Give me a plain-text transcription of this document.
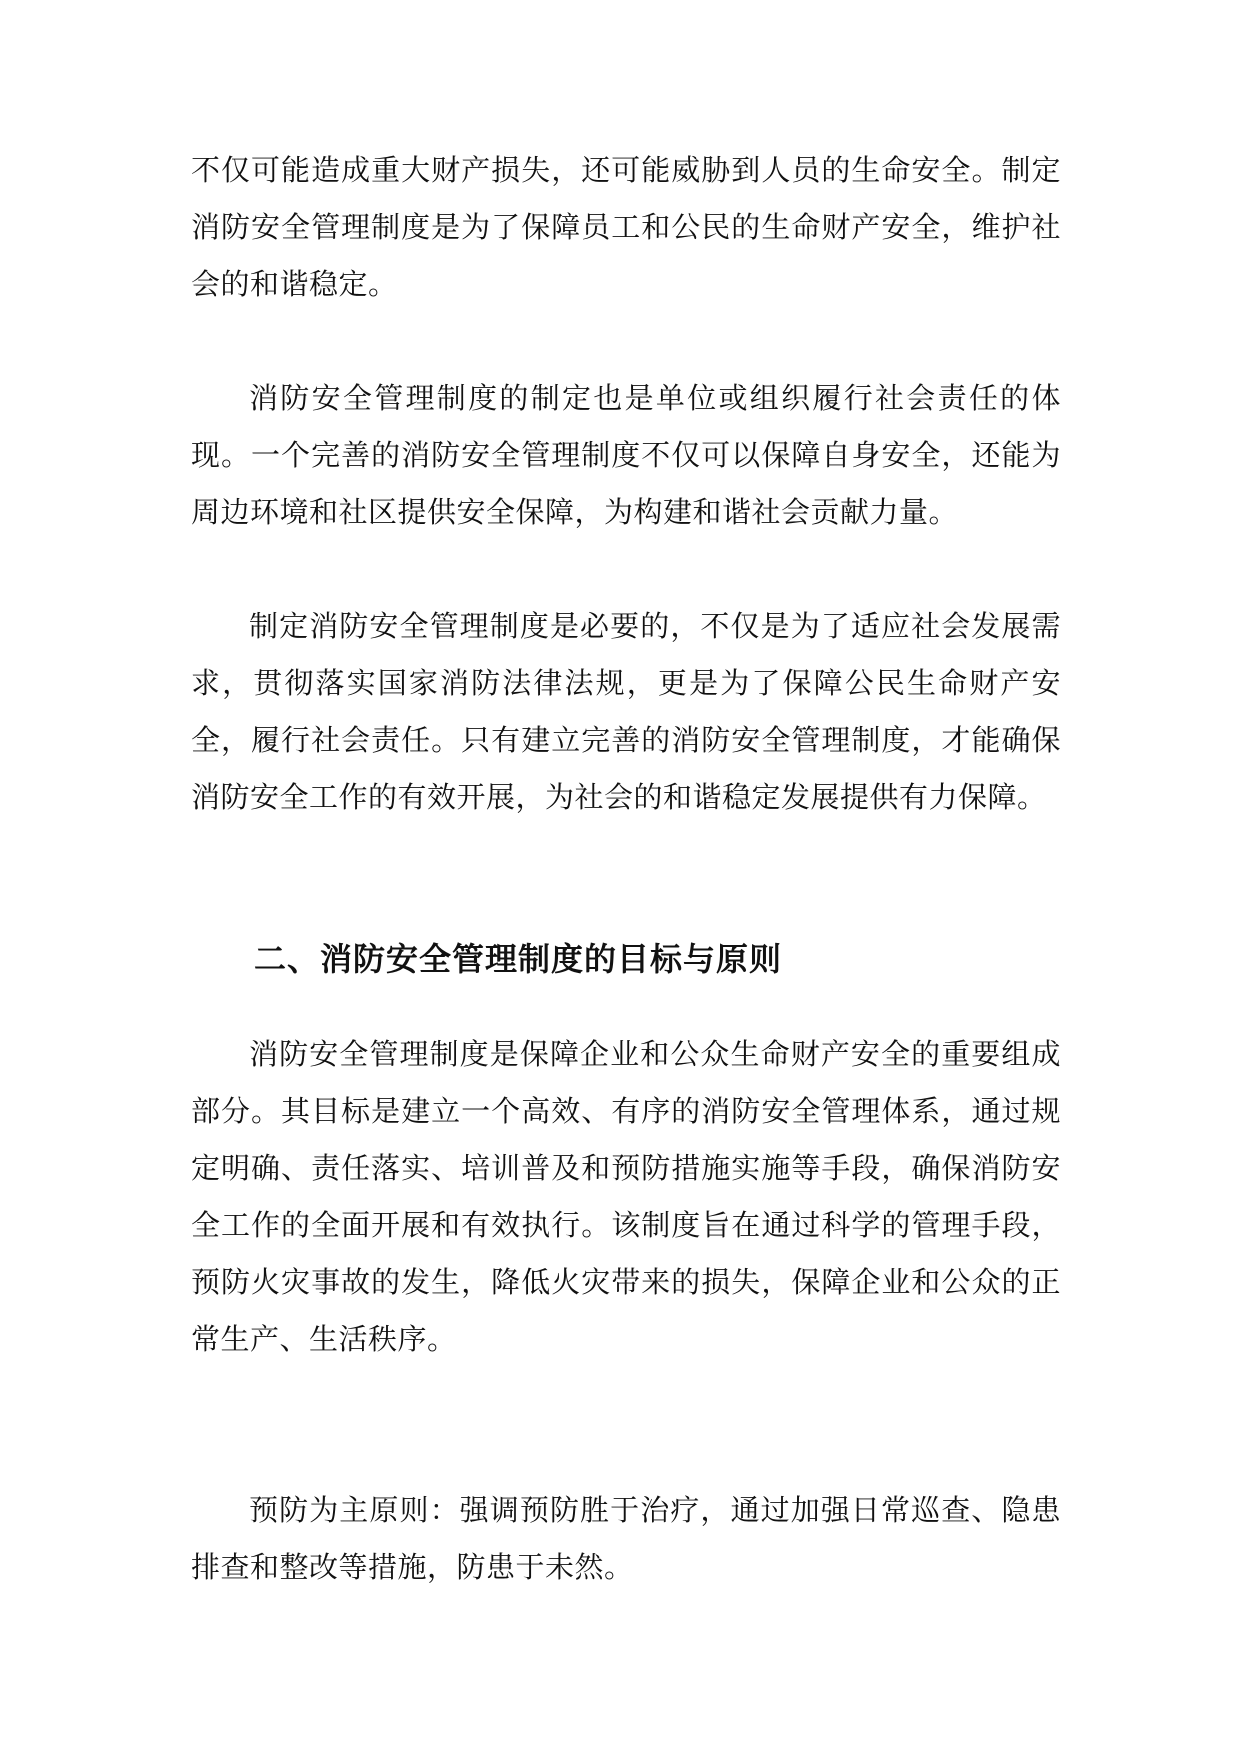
不仅可能造成重大财产损失，还可能威胁到人员的生命安全。制定消防安全管理制度是为了保障员工和公民的生命财产安全，维护社会的和谐稳定。

消防安全管理制度的制定也是单位或组织履行社会责任的体现。一个完善的消防安全管理制度不仅可以保障自身安全，还能为周边环境和社区提供安全保障，为构建和谐社会贡献力量。

制定消防安全管理制度是必要的，不仅是为了适应社会发展需求，贯彻落实国家消防法律法规，更是为了保障公民生命财产安全，履行社会责任。只有建立完善的消防安全管理制度，才能确保消防安全工作的有效开展，为社会的和谐稳定发展提供有力保障。

二、消防安全管理制度的目标与原则

消防安全管理制度是保障企业和公众生命财产安全的重要组成部分。其目标是建立一个高效、有序的消防安全管理体系，通过规定明确、责任落实、培训普及和预防措施实施等手段，确保消防安全工作的全面开展和有效执行。该制度旨在通过科学的管理手段，预防火灾事故的发生，降低火灾带来的损失，保障企业和公众的正常生产、生活秩序。

预防为主原则：强调预防胜于治疗，通过加强日常巡查、隐患排查和整改等措施，防患于未然。
